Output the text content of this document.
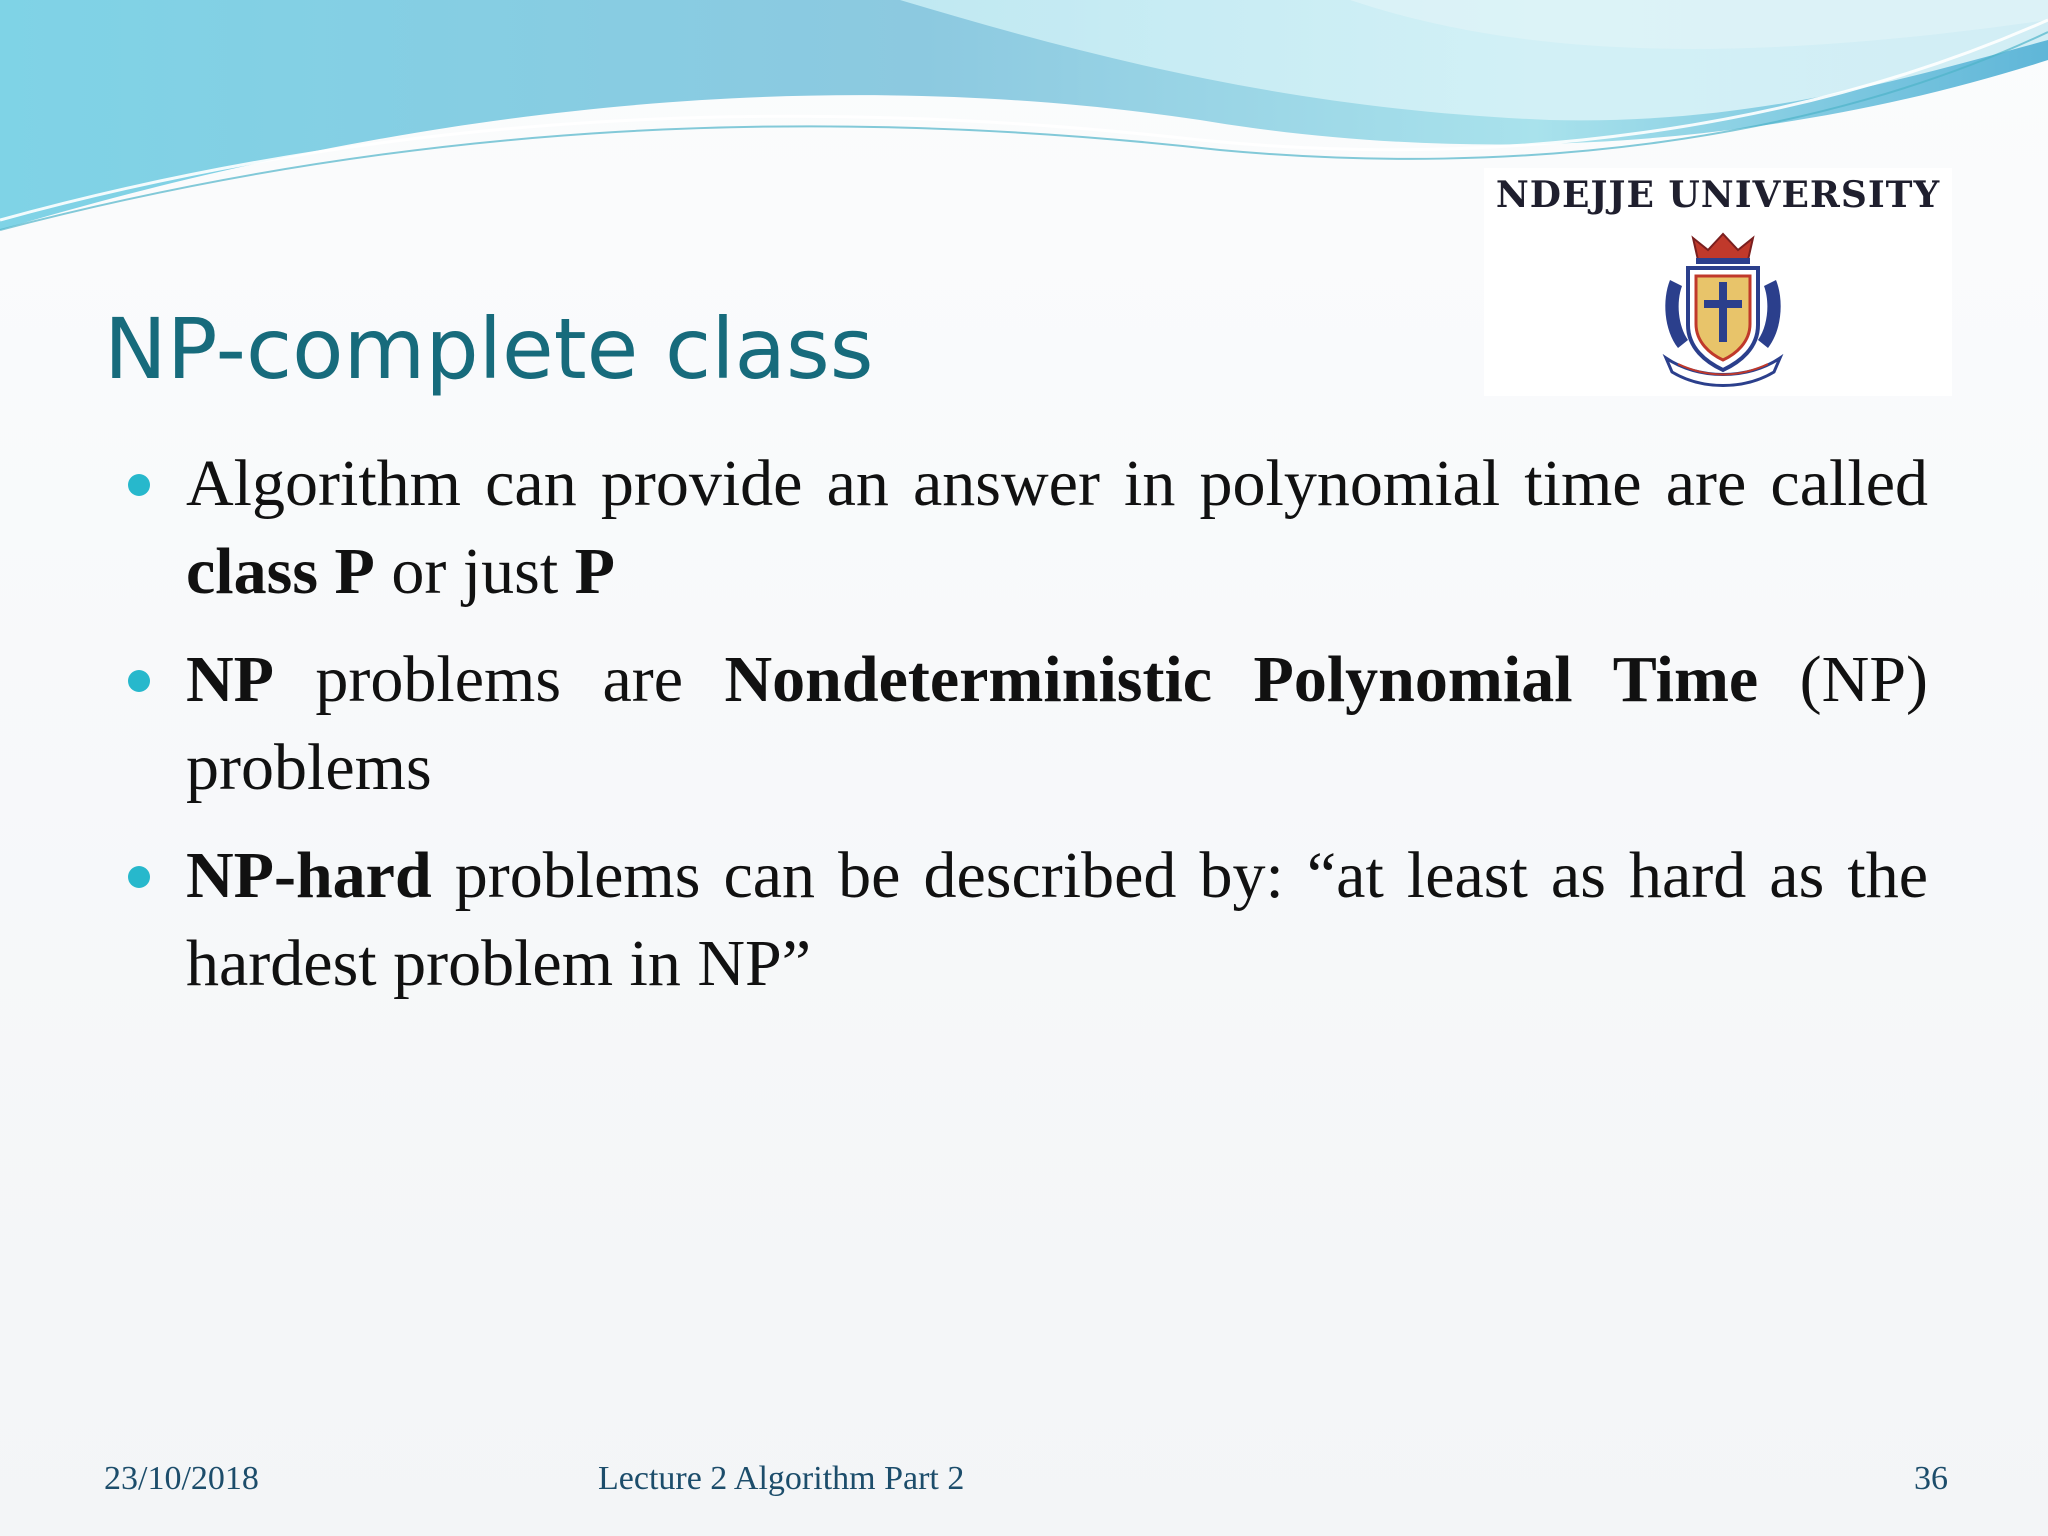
NDEJJE UNIVERSITY
NP-complete class
Algorithm can provide an answer in polynomial time are called class P or just P
NP problems are Nondeterministic Polynomial Time (NP) problems
NP-hard problems can be described by: “at least as hard as the hardest problem in NP”
23/10/2018	Lecture 2 Algorithm Part 2	36
